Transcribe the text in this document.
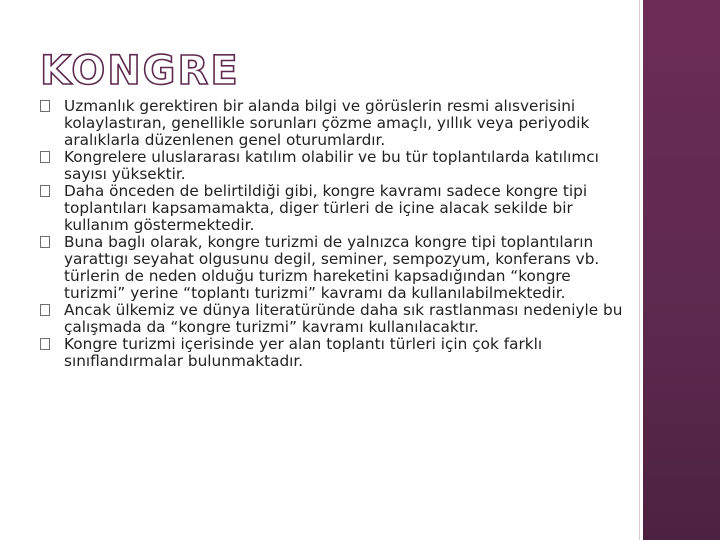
KONGRE
Uzmanlık gerektiren bir alanda bilgi ve görüslerin resmi alısverisini kolaylastıran, genellikle sorunları çözme amaçlı, yıllık veya periyodik aralıklarla düzenlenen genel oturumlardır.
Kongrelere uluslararası katılım olabilir ve bu tür toplantılarda katılımcı sayısı yüksektir.
Daha önceden de belirtildiği gibi, kongre kavramı sadece kongre tipi toplantıları kapsamamakta, diger türleri de içine alacak sekilde bir kullanım göstermektedir.
Buna baglı olarak, kongre turizmi de yalnızca kongre tipi toplantıların yarattıgı seyahat olgusunu degil, seminer, sempozyum, konferans vb. türlerin de neden olduğu turizm hareketini kapsadığından “kongre turizmi” yerine “toplantı turizmi” kavramı da kullanılabilmektedir.
Ancak ülkemiz ve dünya literatüründe daha sık rastlanması nedeniyle bu çalışmada da “kongre turizmi” kavramı kullanılacaktır.
Kongre turizmi içerisinde yer alan toplantı türleri için çok farklı sınıflandırmalar bulunmaktadır.
